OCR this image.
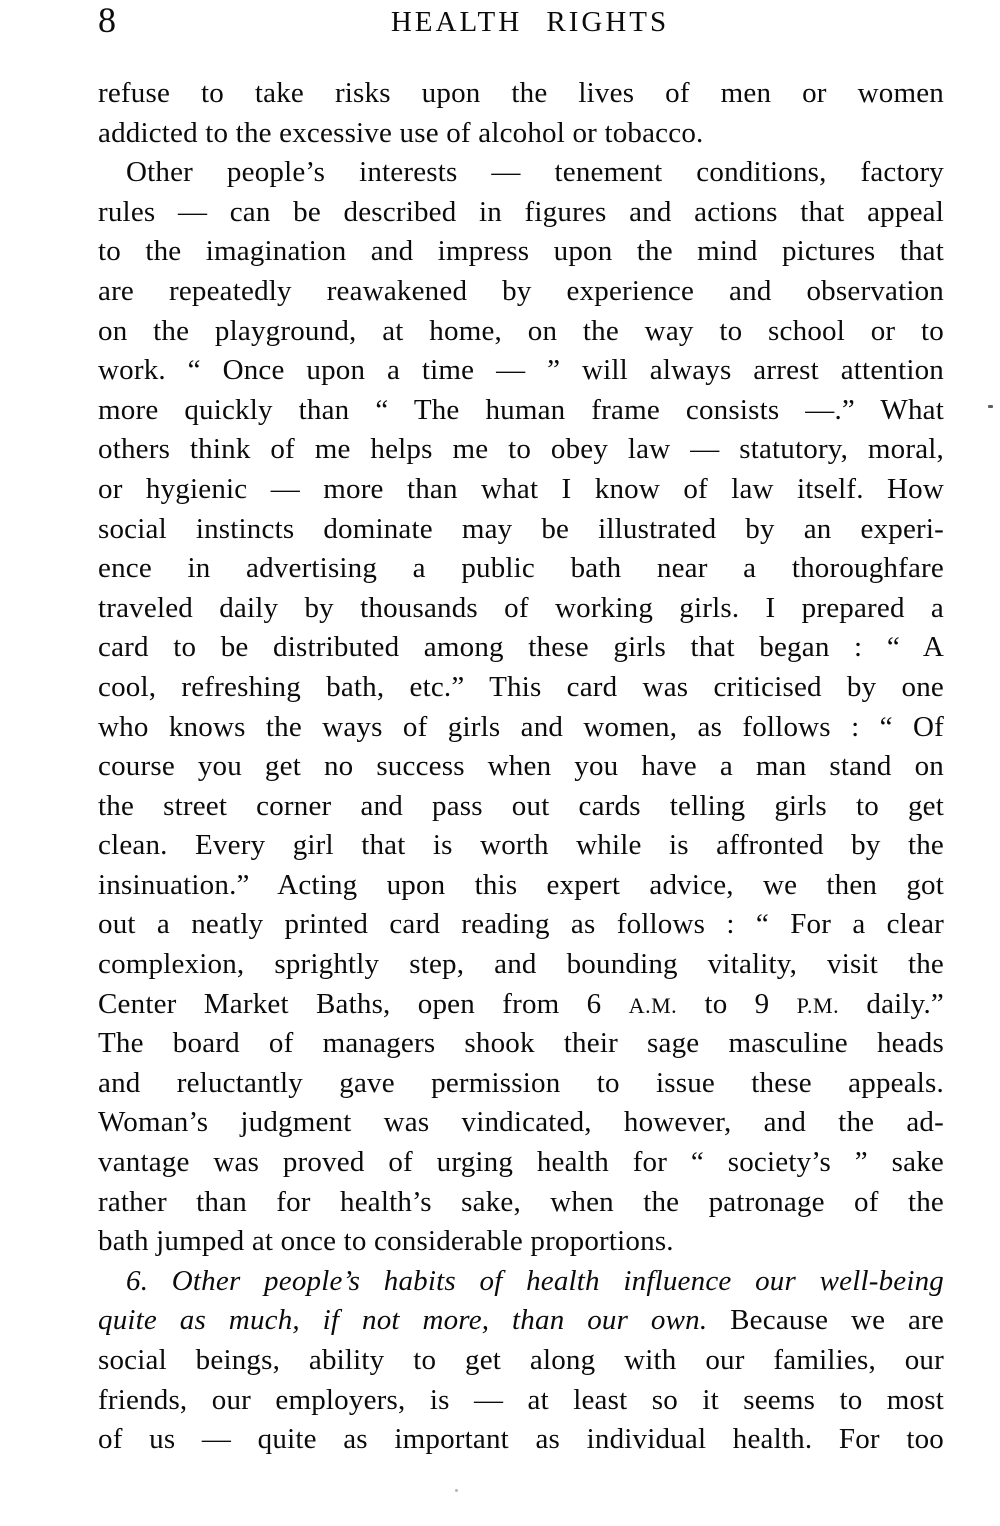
8	HEALTH RIGHTS
refuse to take risks upon the lives of men or women
addicted to the excessive use of alcohol or tobacco.
Other people’s interests — tenement conditions, factory
rules — can be described in figures and actions that appeal
to the imagination and impress upon the mind pictures that
are repeatedly reawakened by experience and observation
on the playground, at home, on the way to school or to
work. “ Once upon a time — ” will always arrest attention
more quickly than “ The human frame consists —.” What
others think of me helps me to obey law — statutory, moral,
or hygienic — more than what I know of law itself. How
social instincts dominate may be illustrated by an experi-
ence in advertising a public bath near a thoroughfare
traveled daily by thousands of working girls. I prepared a
card to be distributed among these girls that began : “ A
cool, refreshing bath, etc.” This card was criticised by one
who knows the ways of girls and women, as follows : “ Of
course you get no success when you have a man stand on
the street corner and pass out cards telling girls to get
clean. Every girl that is worth while is affronted by the
insinuation.” Acting upon this expert advice, we then got
out a neatly printed card reading as follows : “ For a clear
complexion, sprightly step, and bounding vitality, visit the
Center Market Baths, open from 6 A.M. to 9 P.M. daily.”
The board of managers shook their sage masculine heads
and reluctantly gave permission to issue these appeals.
Woman’s judgment was vindicated, however, and the ad-
vantage was proved of urging health for “ society’s ” sake
rather than for health’s sake, when the patronage of the
bath jumped at once to considerable proportions.
6. Other people’s habits of health influence our well-being
quite as much, if not more, than our own. Because we are
social beings, ability to get along with our families, our
friends, our employers, is — at least so it seems to most
of us — quite as important as individual health. For too
